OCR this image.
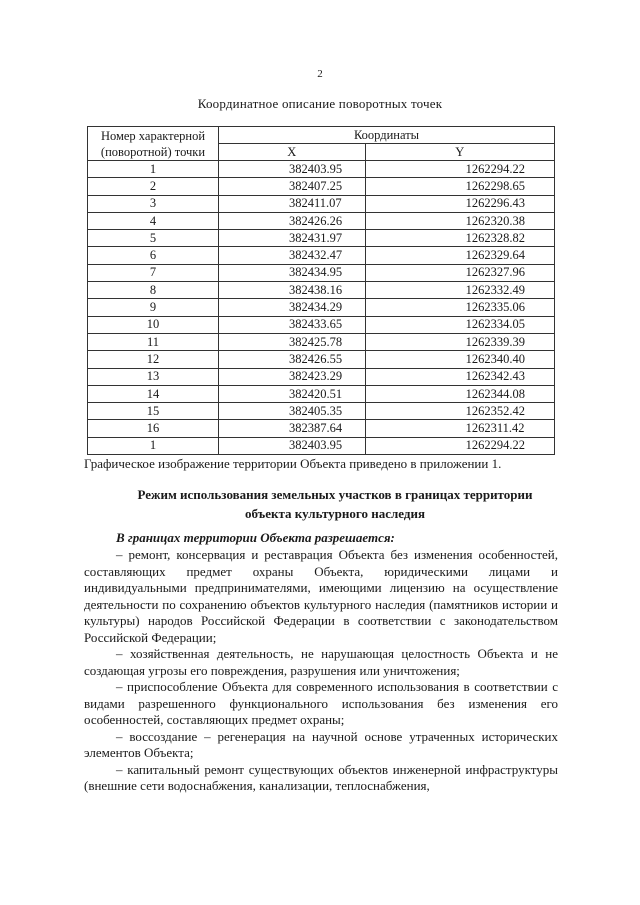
2
Координатное описание поворотных точек
Номер характерной (поворотной) точки	Координаты	
	X	Y
1	382403.95	1262294.22
2	382407.25	1262298.65
3	382411.07	1262296.43
4	382426.26	1262320.38
5	382431.97	1262328.82
6	382432.47	1262329.64
7	382434.95	1262327.96
8	382438.16	1262332.49
9	382434.29	1262335.06
10	382433.65	1262334.05
11	382425.78	1262339.39
12	382426.55	1262340.40
13	382423.29	1262342.43
14	382420.51	1262344.08
15	382405.35	1262352.42
16	382387.64	1262311.42
1	382403.95	1262294.22
Графическое изображение территории Объекта приведено в приложении 1.
Режим использования земельных участков в границах территории
объекта культурного наследия
В границах территории Объекта разрешается:

– ремонт, консервация и реставрация Объекта без изменения особенностей, составляющих предмет охраны Объекта, юридическими лицами и индивидуальными предпринимателями, имеющими лицензию на осуществление деятельности по сохранению объектов культурного наследия (памятников истории и культуры) народов Российской Федерации в соответствии с законодательством Российской Федерации;

– хозяйственная деятельность, не нарушающая целостность Объекта и не создающая угрозы его повреждения, разрушения или уничтожения;

– приспособление Объекта для современного использования в соответствии с видами разрешенного функционального использования без изменения его особенностей, составляющих предмет охраны;

– воссоздание – регенерация на научной основе утраченных исторических элементов Объекта;

– капитальный ремонт существующих объектов инженерной инфраструктуры (внешние сети водоснабжения, канализации, теплоснабжения,
